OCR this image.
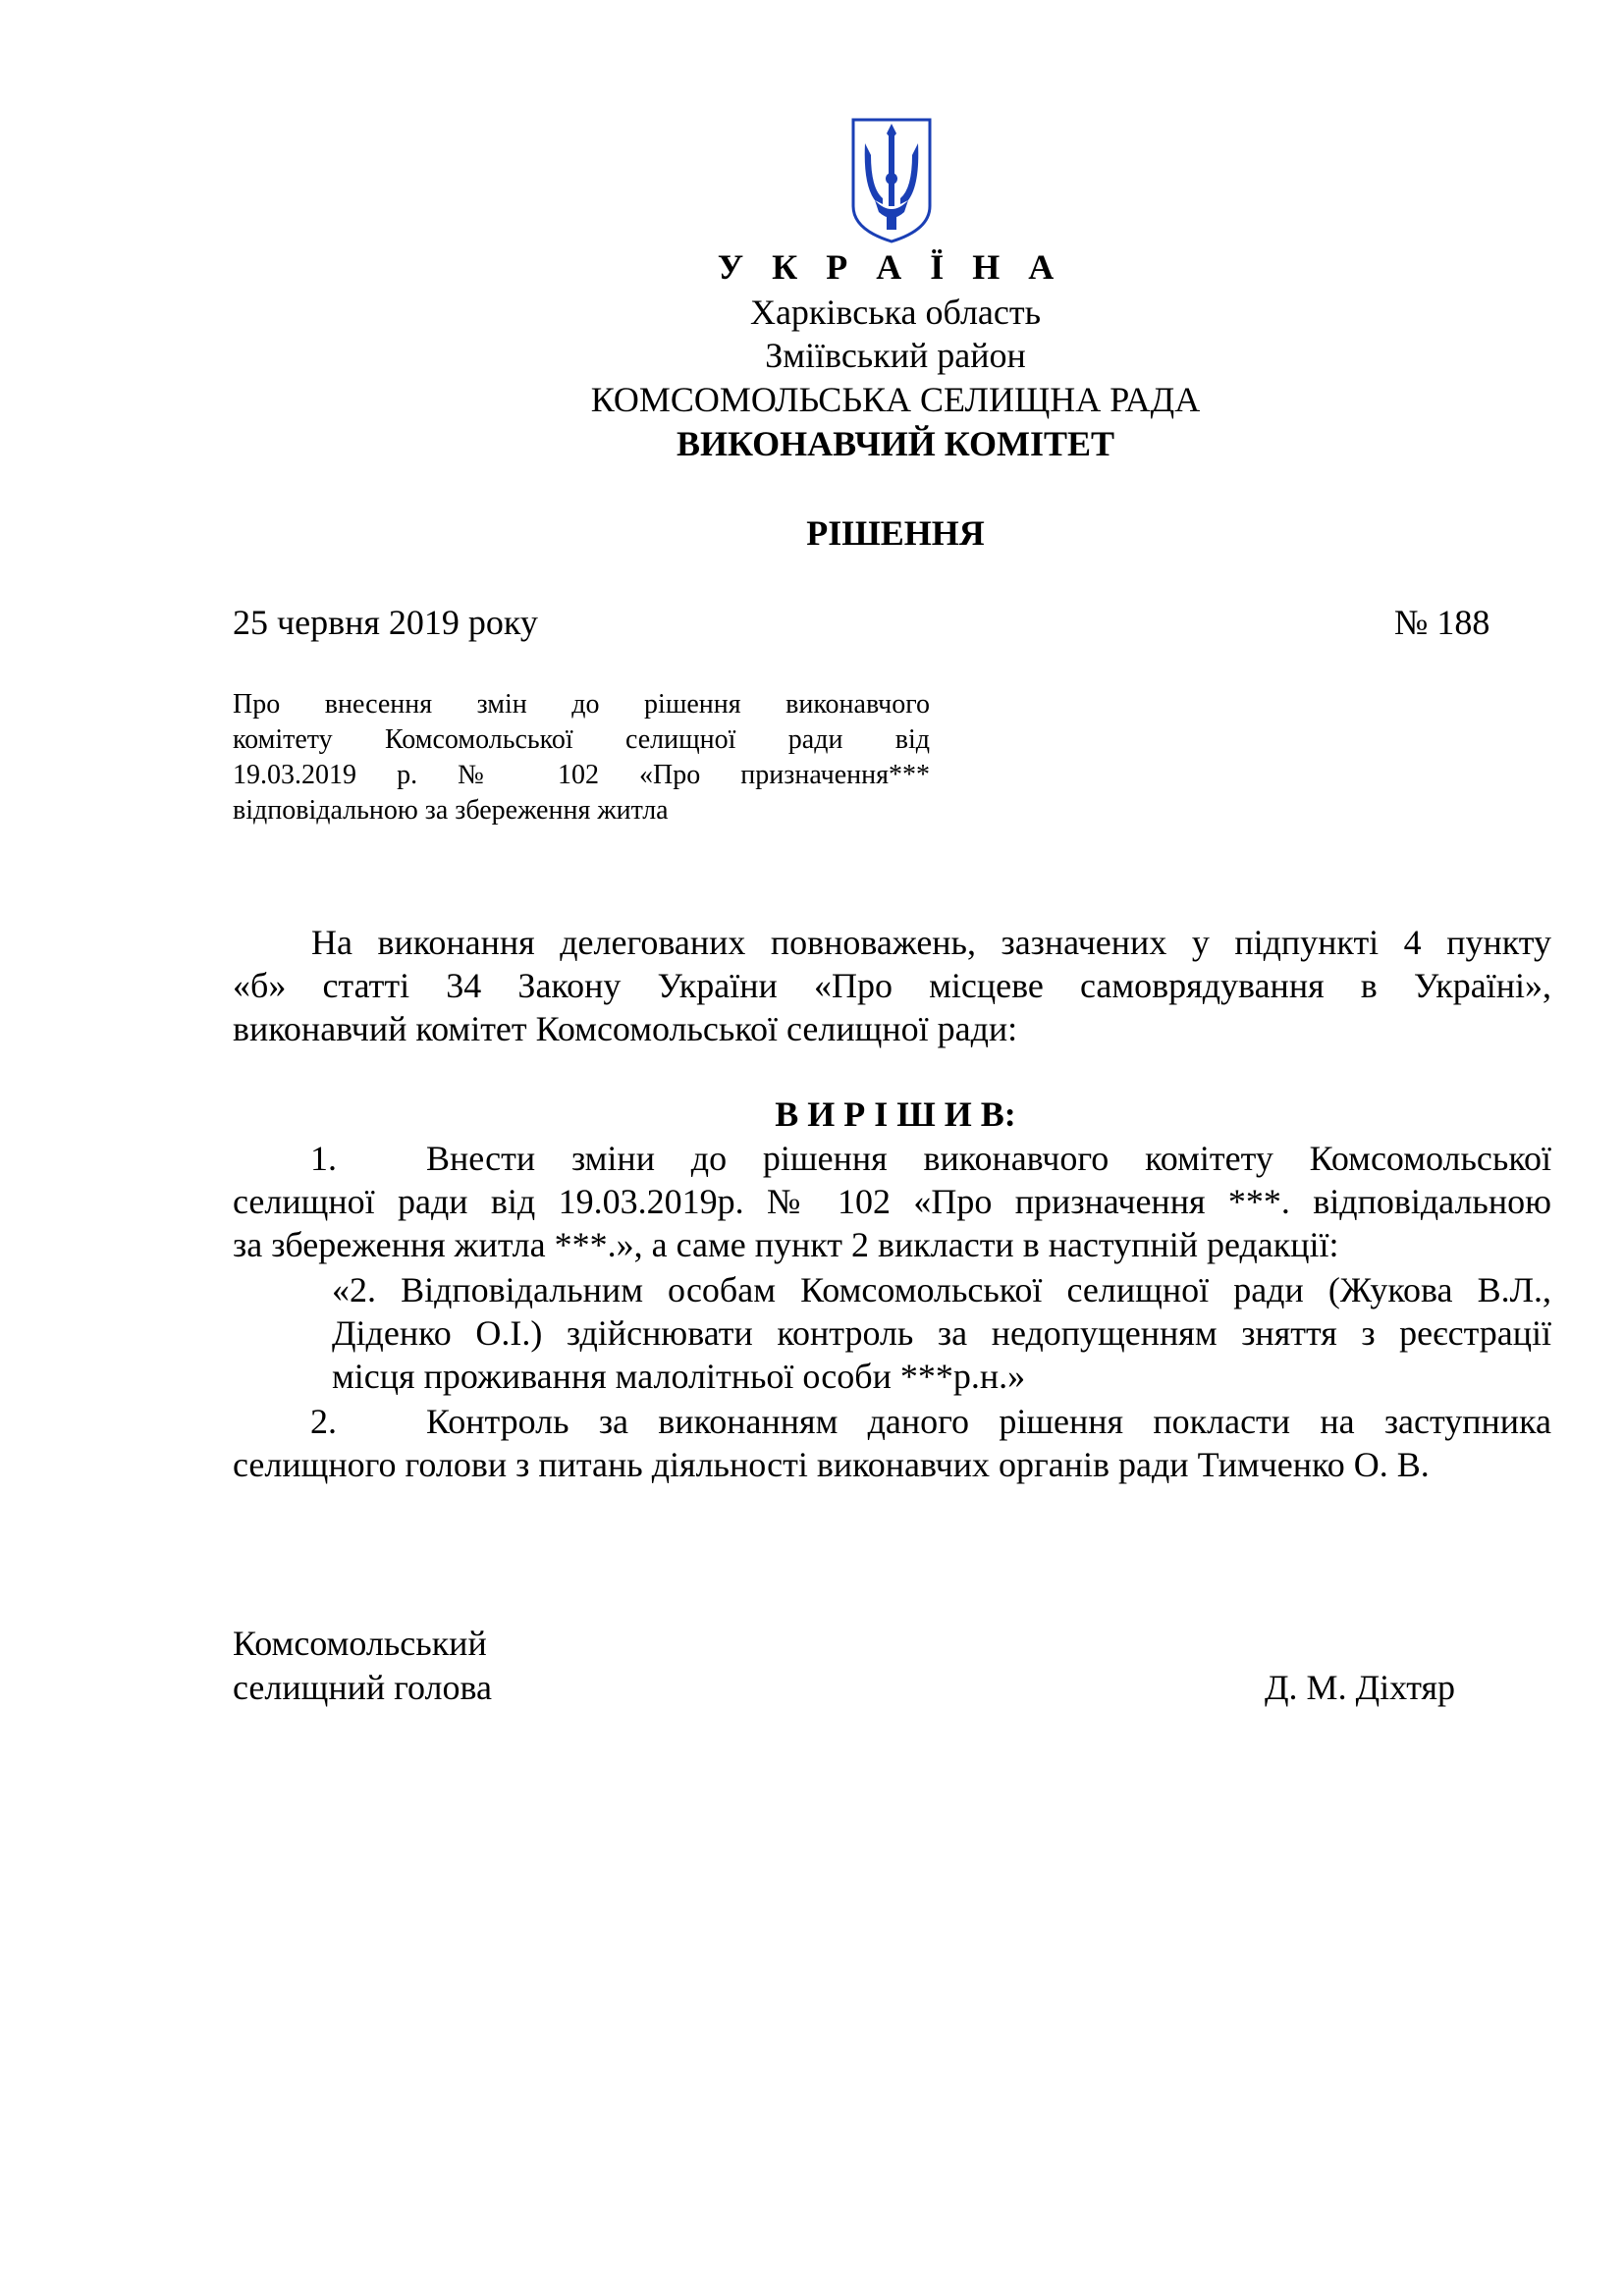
У К Р А Ї Н А
Харківська область
Зміївський район
КОМСОМОЛЬСЬКА СЕЛИЩНА РАДА
ВИКОНАВЧИЙ КОМІТЕТ
РІШЕННЯ
25 червня 2019 року	№ 188
Про внесення змін до рішення виконавчого
комітету Комсомольської селищної ради від
19.03.2019 р. № 102 «Про призначення***
відповідальною за збереження житла
На виконання делегованих повноважень, зазначених у підпункті 4 пункту
«б» статті 34 Закону України «Про місцеве самоврядування в Україні»,
виконавчий комітет Комсомольської селищної ради:
В И Р І Ш И В:
1.	Внести зміни до рішення виконавчого комітету Комсомольської
селищної ради від 19.03.2019р. № 102 «Про призначення ***. відповідальною
за збереження житла ***.», а саме пункт 2 викласти в наступній редакції:
«2. Відповідальним особам Комсомольської селищної ради (Жукова В.Л.,
Діденко О.І.) здійснювати контроль за недопущенням зняття з реєстрації
місця проживання малолітньої особи ***р.н.»
2.	Контроль за виконанням даного рішення покласти на заступника
селищного голови з питань діяльності виконавчих органів ради Тимченко О. В.
Комсомольський
селищний голова	Д. М. Діхтяр
